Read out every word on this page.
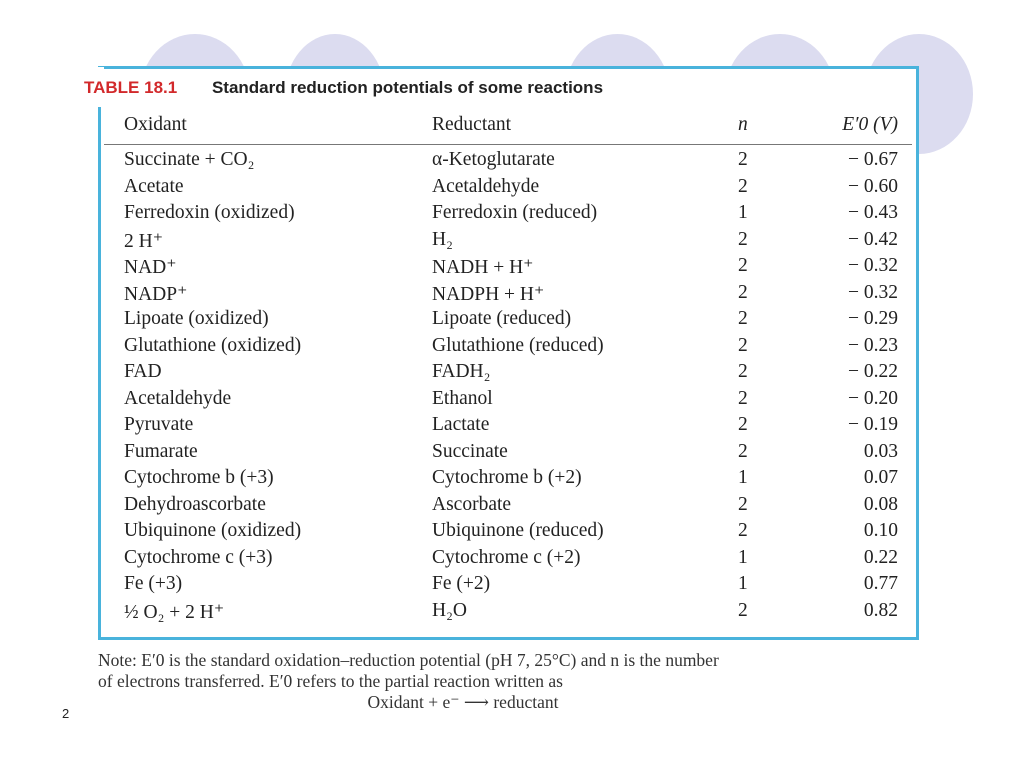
TABLE 18.1 Standard reduction potentials of some reactions
Oxidant	Reductant	n	E′0 (V)
Succinate + CO₂	α-Ketoglutarate	2	− 0.67
Acetate	Acetaldehyde	2	− 0.60
Ferredoxin (oxidized)	Ferredoxin (reduced)	1	− 0.43
2 H⁺	H₂	2	− 0.42
NAD⁺	NADH + H⁺	2	− 0.32
NADP⁺	NADPH + H⁺	2	− 0.32
Lipoate (oxidized)	Lipoate (reduced)	2	− 0.29
Glutathione (oxidized)	Glutathione (reduced)	2	− 0.23
FAD	FADH₂	2	− 0.22
Acetaldehyde	Ethanol	2	− 0.20
Pyruvate	Lactate	2	− 0.19
Fumarate	Succinate	2	0.03
Cytochrome b (+3)	Cytochrome b (+2)	1	0.07
Dehydroascorbate	Ascorbate	2	0.08
Ubiquinone (oxidized)	Ubiquinone (reduced)	2	0.10
Cytochrome c (+3)	Cytochrome c (+2)	1	0.22
Fe (+3)	Fe (+2)	1	0.77
½ O₂ + 2 H⁺	H₂O	2	0.82
Note: E′0 is the standard oxidation–reduction potential (pH 7, 25°C) and n is the number
of electrons transferred. E′0 refers to the partial reaction written as

Oxidant + e⁻ ⟶ reductant
2
